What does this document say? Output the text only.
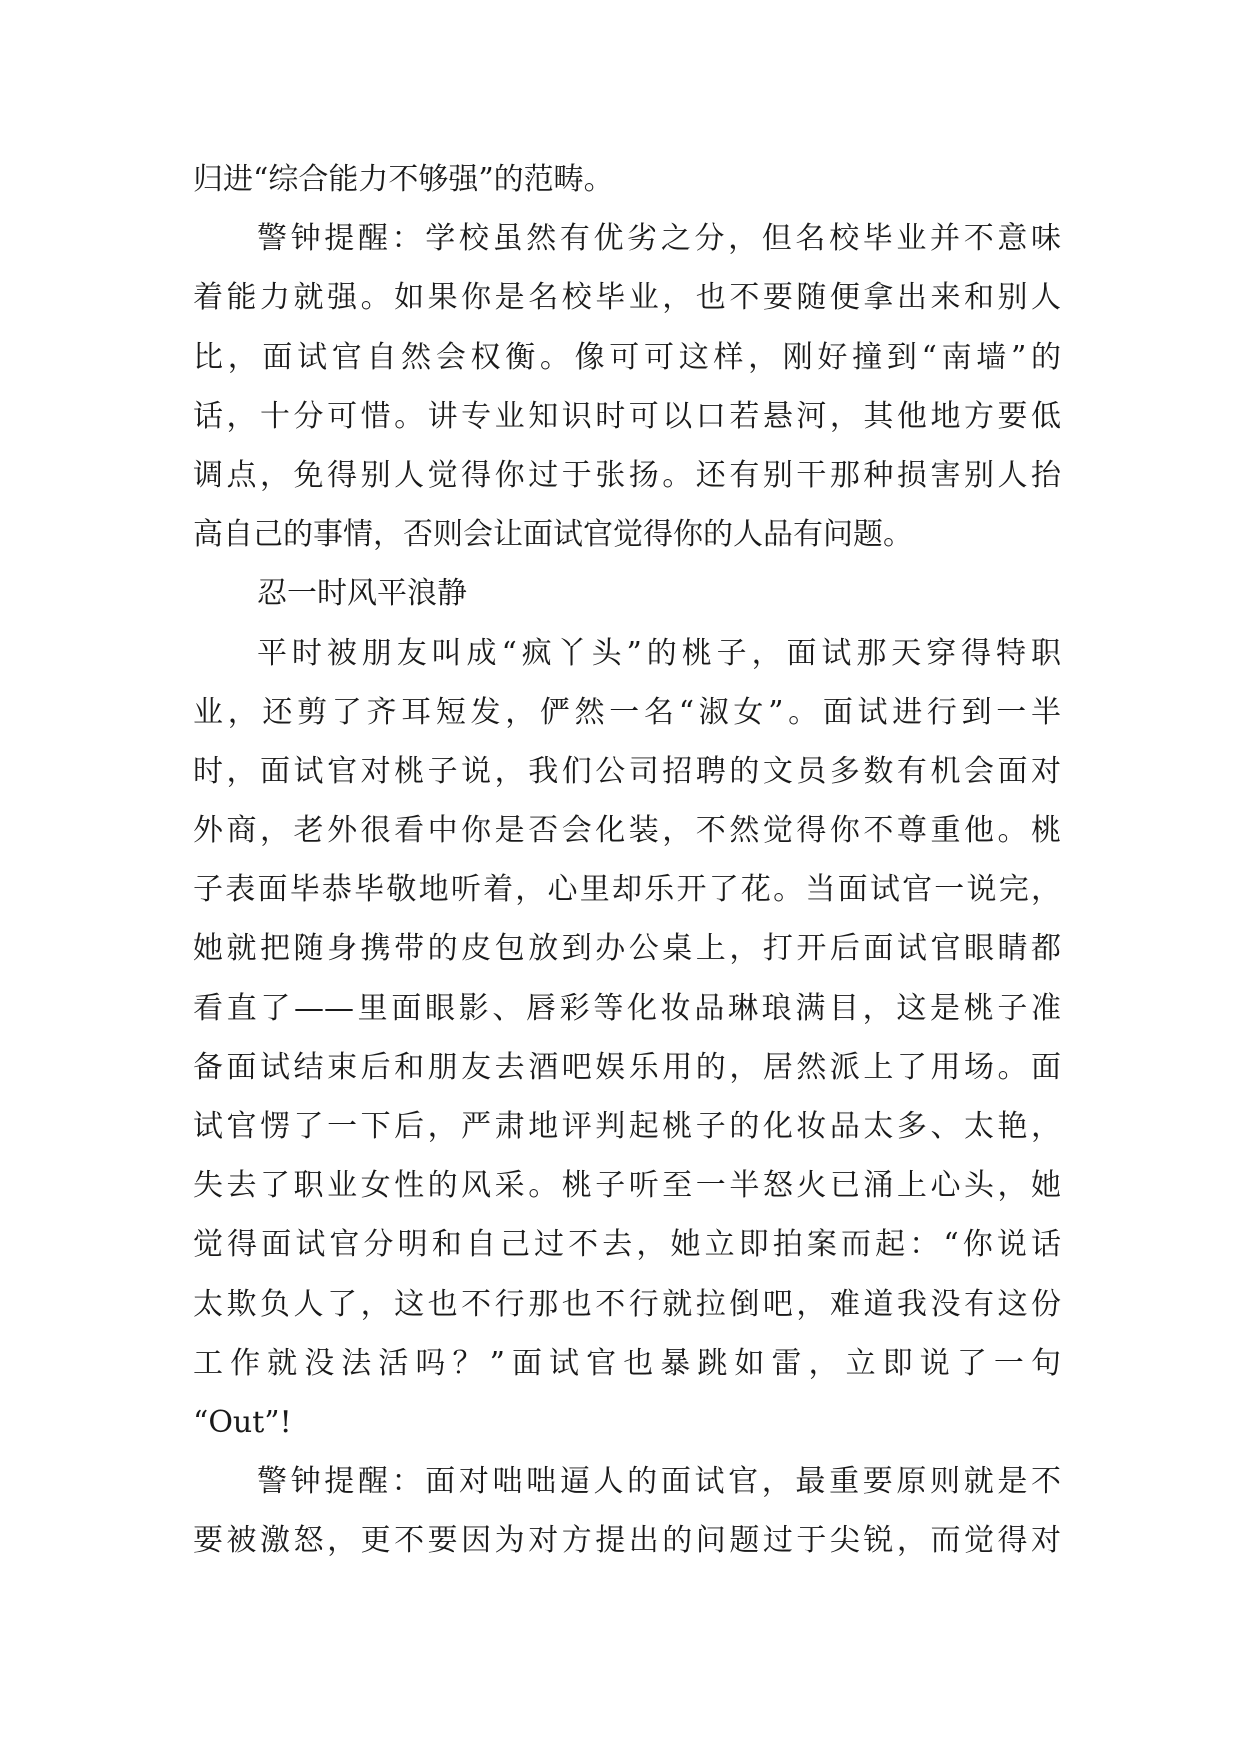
归进“综合能力不够强”的范畴。
警钟提醒：学校虽然有优劣之分，但名校毕业并不意味
着能力就强。如果你是名校毕业，也不要随便拿出来和别人
比，面试官自然会权衡。像可可这样，刚好撞到“南墙”的
话，十分可惜。讲专业知识时可以口若悬河，其他地方要低
调点，免得别人觉得你过于张扬。还有别干那种损害别人抬
高自己的事情，否则会让面试官觉得你的人品有问题。
忍一时风平浪静
平时被朋友叫成“疯丫头”的桃子，面试那天穿得特职
业，还剪了齐耳短发，俨然一名“淑女”。面试进行到一半
时，面试官对桃子说，我们公司招聘的文员多数有机会面对
外商，老外很看中你是否会化装，不然觉得你不尊重他。桃
子表面毕恭毕敬地听着，心里却乐开了花。当面试官一说完，
她就把随身携带的皮包放到办公桌上，打开后面试官眼睛都
看直了——里面眼影、唇彩等化妆品琳琅满目，这是桃子准
备面试结束后和朋友去酒吧娱乐用的，居然派上了用场。面
试官愣了一下后，严肃地评判起桃子的化妆品太多、太艳，
失去了职业女性的风采。桃子听至一半怒火已涌上心头，她
觉得面试官分明和自己过不去，她立即拍案而起：“你说话
太欺负人了，这也不行那也不行就拉倒吧，难道我没有这份
工作就没法活吗？”面试官也暴跳如雷，立即说了一句
“Out”!
警钟提醒：面对咄咄逼人的面试官，最重要原则就是不
要被激怒，更不要因为对方提出的问题过于尖锐，而觉得对
